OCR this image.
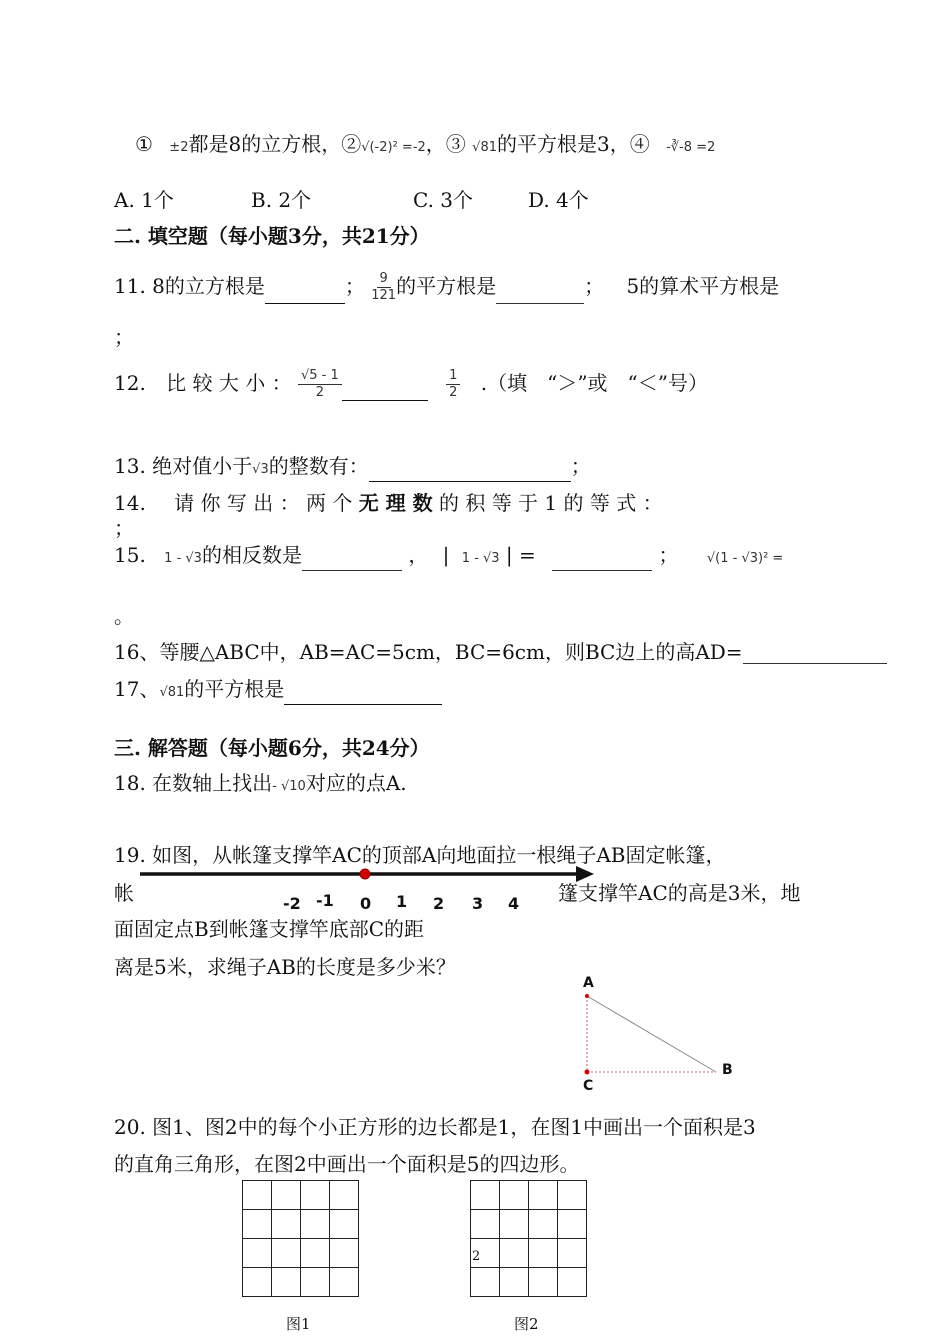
① ±2都是8的立方根，②√(-2)² =-2，③ √81的平方根是3，④ -∛-8 =2
A. 1个	B. 2个	C. 3个	D. 4个
二. 填空题（每小题3分，共21分）
11. 8的立方根是	； $\frac{9}{121}$ 的平方根是	； 5的算术平方根是
；
12. 比 较 大 小 ： $\frac{√5 - 1}{2}$
	$\frac{1}{2}$ .（填　“＞”或　“＜”号）
13. 绝对值小于√3的整数有：	；
14. 请 你 写 出 ： 两 个 无 理 数 的 积 等 于 1 的 等 式 ：
；
15. 1 - √3的相反数是	， | 1 - √3 | =	； √(1 - √3)² =
。
16、等腰△ABC中，AB=AC=5cm，BC=6cm，则BC边上的高AD=
17、√81的平方根是
三. 解答题（每小题6分，共24分）
18. 在数轴上找出- √10对应的点A.
19. 如图，从帐篷支撑竿AC的顶部A向地面拉一根绳子AB固定帐篷，
-2 -1 0 1 2 3 4
帐	篷支撑竿AC的高是3米，地
面固定点B到帐篷支撑竿底部C的距
离是5米，求绳子AB的长度是多少米？
A
C
B
20. 图1、图2中的每个小正方形的边长都是1，在图1中画出一个面积是3
的直角三角形，在图2中画出一个面积是5的四边形。

2
图1	图2
